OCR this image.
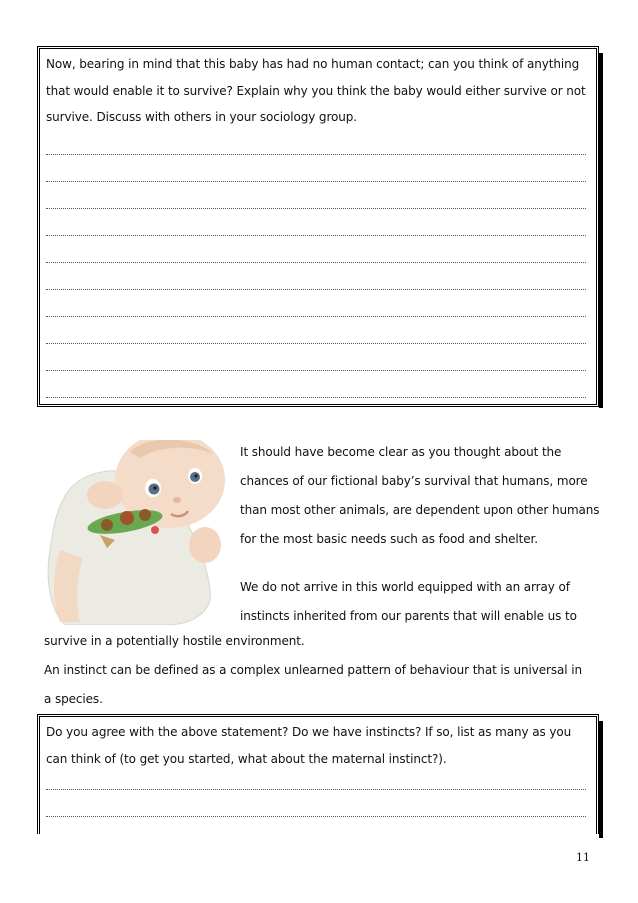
Now, bearing in mind that this baby has had no human contact; can you think of anything

that would enable it to survive? Explain why you think the baby would either survive or not

survive. Discuss with others in your sociology group.

It should have become clear as you thought about the
chances of our fictional baby’s survival that humans, more
than most other animals, are dependent upon other humans
for the most basic needs such as food and shelter.
We do not arrive in this world equipped with an array of
instincts inherited from our parents that will enable us to
survive in a potentially hostile environment.
An instinct can be defined as a complex unlearned pattern of behaviour that is universal in
a species.

Do you agree with the above statement? Do we have instincts? If so, list as many as you

can think of (to get you started, what about the maternal instinct?).

11
